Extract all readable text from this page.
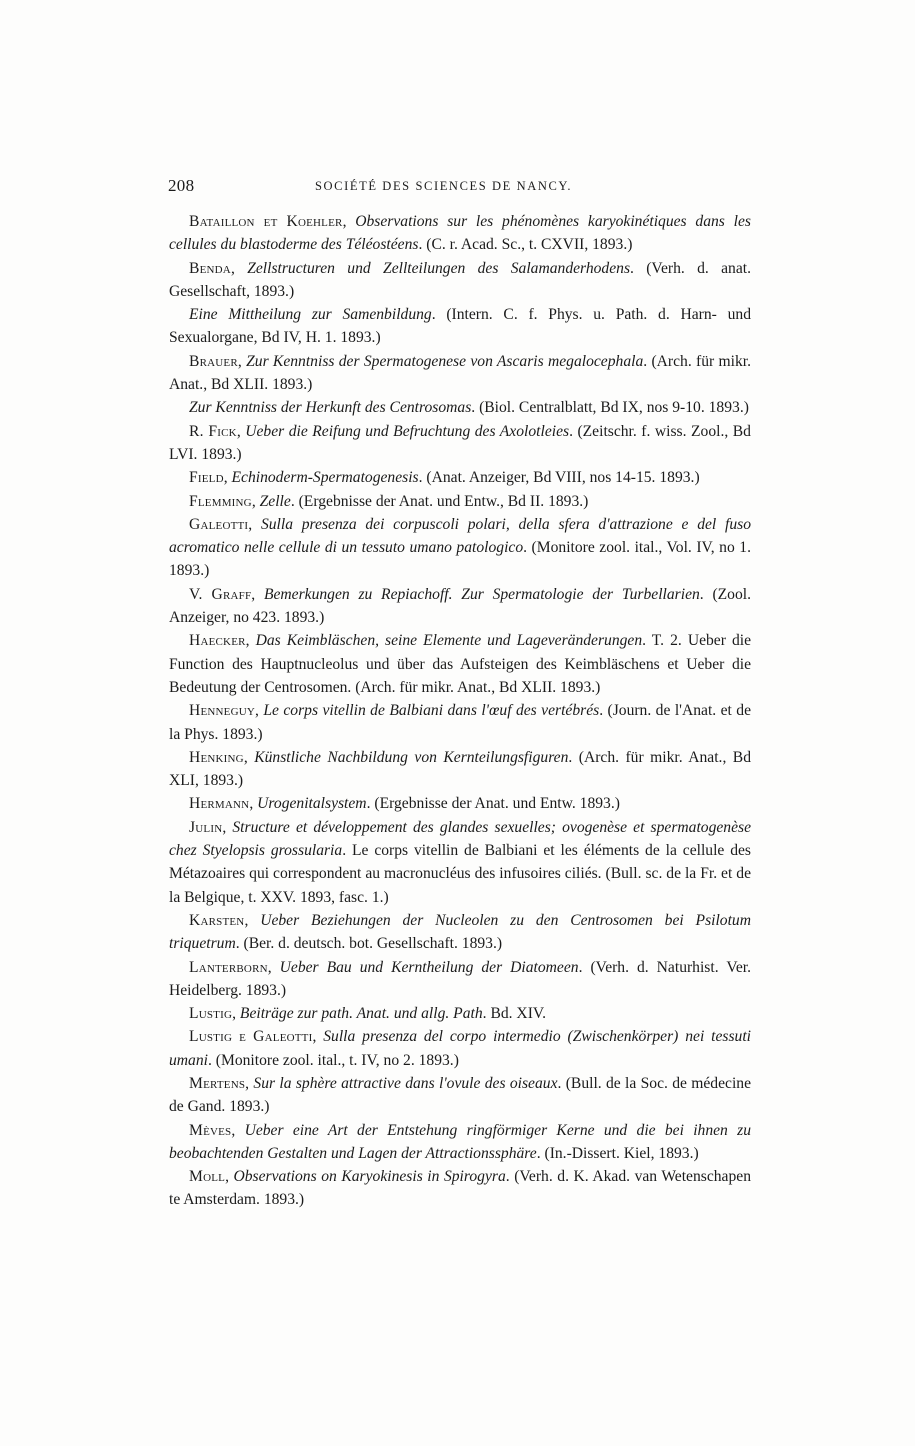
208	SOCIÉTÉ DES SCIENCES DE NANCY.

Bataillon et Koehler, Observations sur les phénomènes karyokinétiques dans les cellules du blastoderme des Téléostéens. (C. r. Acad. Sc., t. CXVII, 1893.)

Benda, Zellstructuren und Zellteilungen des Salamanderhodens. (Verh. d. anat. Gesellschaft, 1893.)

Eine Mittheilung zur Samenbildung. (Intern. C. f. Phys. u. Path. d. Harn- und Sexualorgane, Bd IV, H. 1. 1893.)

Brauer, Zur Kenntniss der Spermatogenese von Ascaris megalocephala. (Arch. für mikr. Anat., Bd XLII. 1893.)

Zur Kenntniss der Herkunft des Centrosomas. (Biol. Centralblatt, Bd IX, nos 9-10. 1893.)

R. Fick, Ueber die Reifung und Befruchtung des Axolotleies. (Zeitschr. f. wiss. Zool., Bd LVI. 1893.)

Field, Echinoderm-Spermatogenesis. (Anat. Anzeiger, Bd VIII, nos 14-15. 1893.)

Flemming, Zelle. (Ergebnisse der Anat. und Entw., Bd II. 1893.)

Galeotti, Sulla presenza dei corpuscoli polari, della sfera d'attrazione e del fuso acromatico nelle cellule di un tessuto umano patologico. (Monitore zool. ital., Vol. IV, no 1. 1893.)

V. Graff, Bemerkungen zu Repiachoff. Zur Spermatologie der Turbellarien. (Zool. Anzeiger, no 423. 1893.)

Haecker, Das Keimbläschen, seine Elemente und Lageveränderungen. T. 2. Ueber die Function des Hauptnucleolus und über das Aufsteigen des Keimbläschens et Ueber die Bedeutung der Centrosomen. (Arch. für mikr. Anat., Bd XLII. 1893.)

Henneguy, Le corps vitellin de Balbiani dans l'œuf des vertébrés. (Journ. de l'Anat. et de la Phys. 1893.)

Henking, Künstliche Nachbildung von Kernteilungsfiguren. (Arch. für mikr. Anat., Bd XLI, 1893.)

Hermann, Urogenitalsystem. (Ergebnisse der Anat. und Entw. 1893.)

Julin, Structure et développement des glandes sexuelles; ovogenèse et spermatogenèse chez Styelopsis grossularia. Le corps vitellin de Balbiani et les éléments de la cellule des Métazoaires qui correspondent au macronucléus des infusoires ciliés. (Bull. sc. de la Fr. et de la Belgique, t. XXV. 1893, fasc. 1.)

Karsten, Ueber Beziehungen der Nucleolen zu den Centrosomen bei Psilotum triquetrum. (Ber. d. deutsch. bot. Gesellschaft. 1893.)

Lanterborn, Ueber Bau und Kerntheilung der Diatomeen. (Verh. d. Naturhist. Ver. Heidelberg. 1893.)

Lustig, Beiträge zur path. Anat. und allg. Path. Bd. XIV.

Lustig e Galeotti, Sulla presenza del corpo intermedio (Zwischenkörper) nei tessuti umani. (Monitore zool. ital., t. IV, no 2. 1893.)

Mertens, Sur la sphère attractive dans l'ovule des oiseaux. (Bull. de la Soc. de médecine de Gand. 1893.)

Mèves, Ueber eine Art der Entstehung ringförmiger Kerne und die bei ihnen zu beobachtenden Gestalten und Lagen der Attractionssphäre. (In.-Dissert. Kiel, 1893.)

Moll, Observations on Karyokinesis in Spirogyra. (Verh. d. K. Akad. van Wetenschapen te Amsterdam. 1893.)
